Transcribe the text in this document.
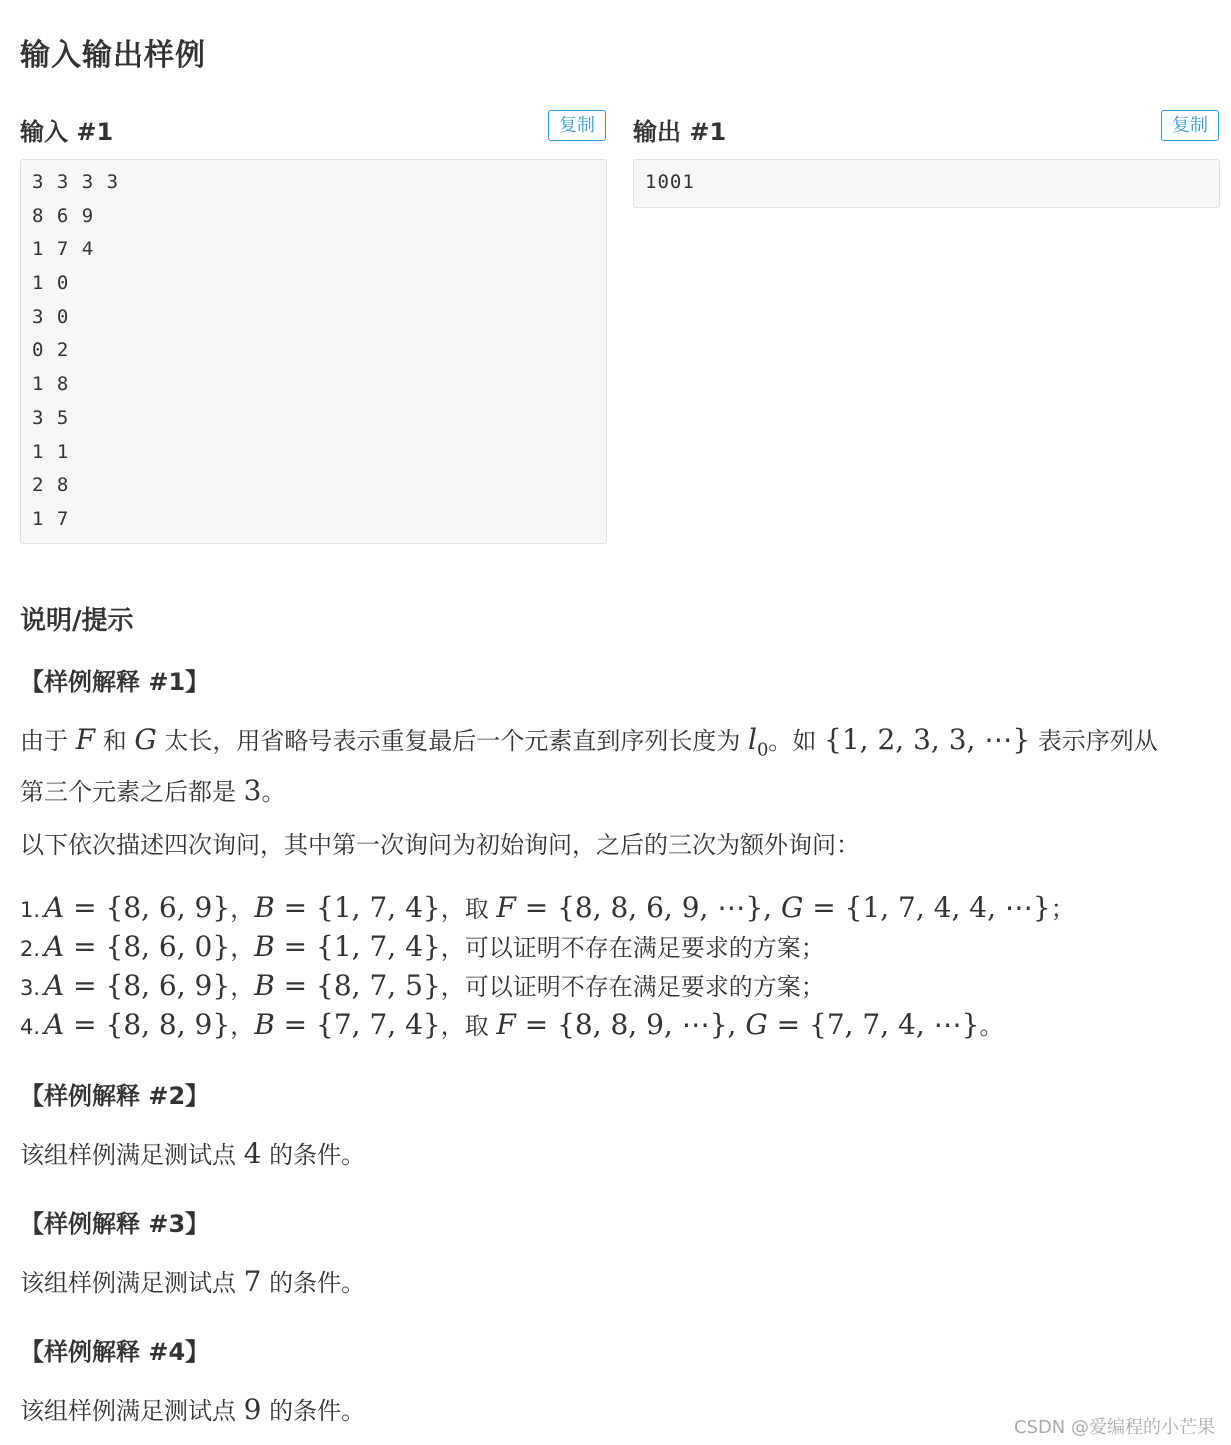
输入输出样例
输入 #1	复制	输出 #1	复制
3 3 3 3
8 6 9
1 7 4
1 0
3 0
0 2
1 8
3 5
1 1
2 8
1 7
1001
说明/提示
【样例解释 #1】
由于 F 和 G 太长，用省略号表示重复最后一个元素直到序列长度为 $l_0$。如 {1, 2, 3, 3, ⋯} 表示序列从
第三个元素之后都是 3。
以下依次描述四次询问，其中第一次询问为初始询问，之后的三次为额外询问：
1. A = {8, 6, 9}，B = {1, 7, 4}，取 F = {8, 8, 6, 9, ⋯}, G = {1, 7, 4, 4, ⋯}；
2. A = {8, 6, 0}，B = {1, 7, 4}，可以证明不存在满足要求的方案；
3. A = {8, 6, 9}，B = {8, 7, 5}，可以证明不存在满足要求的方案；
4. A = {8, 8, 9}，B = {7, 7, 4}，取 F = {8, 8, 9, ⋯}, G = {7, 7, 4, ⋯}。
【样例解释 #2】
该组样例满足测试点 4 的条件。
【样例解释 #3】
该组样例满足测试点 7 的条件。
【样例解释 #4】
该组样例满足测试点 9 的条件。
CSDN @爱编程的小芒果
